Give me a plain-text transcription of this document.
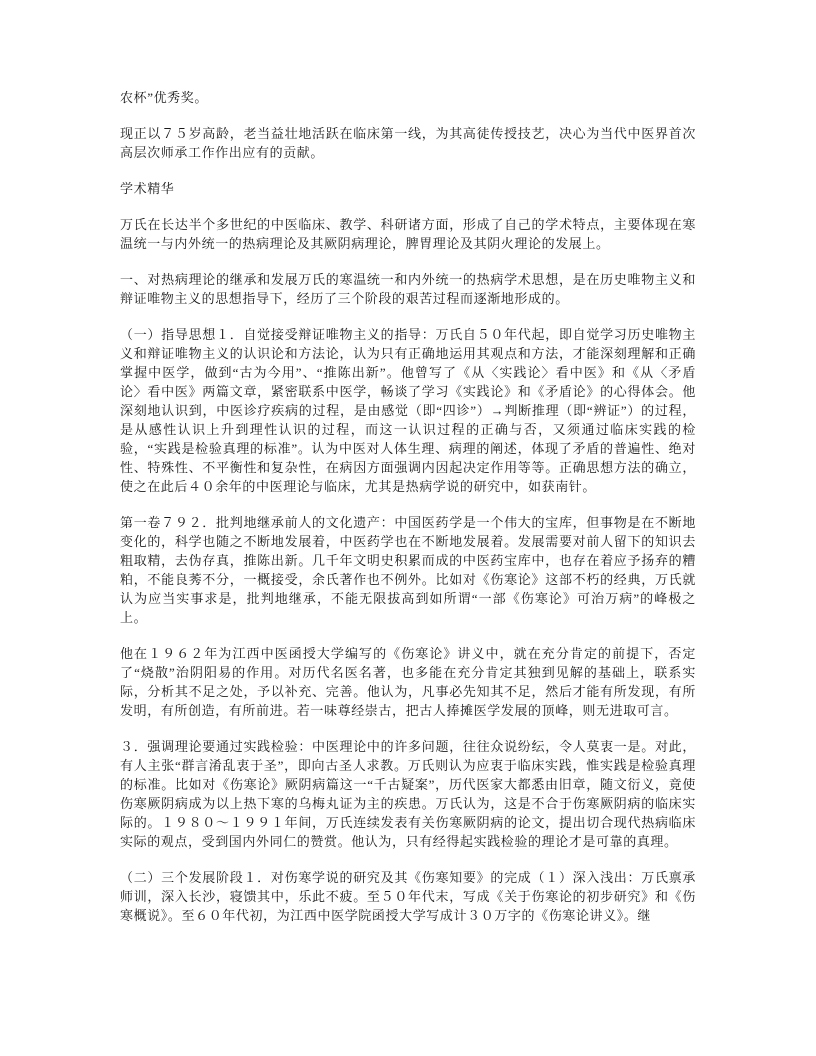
农杯”优秀奖。

现正以７５岁高龄，老当益壮地活跃在临床第一线，为其高徒传授技艺，决心为当代中医界首次高层次师承工作作出应有的贡献。

学术精华

万氏在长达半个多世纪的中医临床、教学、科研诸方面，形成了自己的学术特点，主要体现在寒温统一与内外统一的热病理论及其厥阴病理论，脾胃理论及其阴火理论的发展上。

一、对热病理论的继承和发展万氏的寒温统一和内外统一的热病学术思想，是在历史唯物主义和辩证唯物主义的思想指导下，经历了三个阶段的艰苦过程而逐渐地形成的。

（一）指导思想１．自觉接受辩证唯物主义的指导：万氏自５０年代起，即自觉学习历史唯物主义和辩证唯物主义的认识论和方法论，认为只有正确地运用其观点和方法，才能深刻理解和正确掌握中医学，做到“古为今用”、“推陈出新”。他曾写了《从〈实践论〉看中医》和《从〈矛盾论〉看中医》两篇文章，紧密联系中医学，畅谈了学习《实践论》和《矛盾论》的心得体会。他深刻地认识到，中医诊疗疾病的过程，是由感觉（即“四诊”）→判断推理（即“辨证”）的过程，是从感性认识上升到理性认识的过程，而这一认识过程的正确与否，又须通过临床实践的检验，“实践是检验真理的标准”。认为中医对人体生理、病理的阐述，体现了矛盾的普遍性、绝对性、特殊性、不平衡性和复杂性，在病因方面强调内因起决定作用等等。正确思想方法的确立，使之在此后４０余年的中医理论与临床，尤其是热病学说的研究中，如获南针。

第一卷７９２．批判地继承前人的文化遗产：中国医药学是一个伟大的宝库，但事物是在不断地变化的，科学也随之不断地发展着，中医药学也在不断地发展着。发展需要对前人留下的知识去粗取精，去伪存真，推陈出新。几千年文明史积累而成的中医药宝库中，也存在着应予扬弃的糟粕，不能良莠不分，一概接受，余氏著作也不例外。比如对《伤寒论》这部不朽的经典，万氏就认为应当实事求是，批判地继承，不能无限拔高到如所谓“一部《伤寒论》可治万病”的峰极之上。

他在１９６２年为江西中医函授大学编写的《伤寒论》讲义中，就在充分肯定的前提下，否定了“烧散”治阴阳易的作用。对历代名医名著，也多能在充分肯定其独到见解的基础上，联系实际，分析其不足之处，予以补充、完善。他认为，凡事必先知其不足，然后才能有所发现，有所发明，有所创造，有所前进。若一味尊经崇古，把古人捧摊医学发展的顶峰，则无进取可言。

３．强调理论要通过实践检验：中医理论中的许多问题，往往众说纷纭，令人莫衷一是。对此，有人主张“群言淆乱衷于圣”，即向古圣人求教。万氏则认为应衷于临床实践，惟实践是检验真理的标准。比如对《伤寒论》厥阴病篇这一“千古疑案”，历代医家大都悉由旧章，随文衍义，竟使伤寒厥阴病成为以上热下寒的乌梅丸证为主的疾患。万氏认为，这是不合于伤寒厥阴病的临床实际的。１９８０～１９９１年间，万氏连续发表有关伤寒厥阴病的论文，提出切合现代热病临床实际的观点，受到国内外同仁的赞赏。他认为，只有经得起实践检验的理论才是可靠的真理。

（二）三个发展阶段１．对伤寒学说的研究及其《伤寒知要》的完成（１）深入浅出：万氏禀承师训，深入长沙，寝馈其中，乐此不疲。至５０年代末，写成《关于伤寒论的初步研究》和《伤寒概说》。至６０年代初，为江西中医学院函授大学写成计３０万字的《伤寒论讲义》。继
